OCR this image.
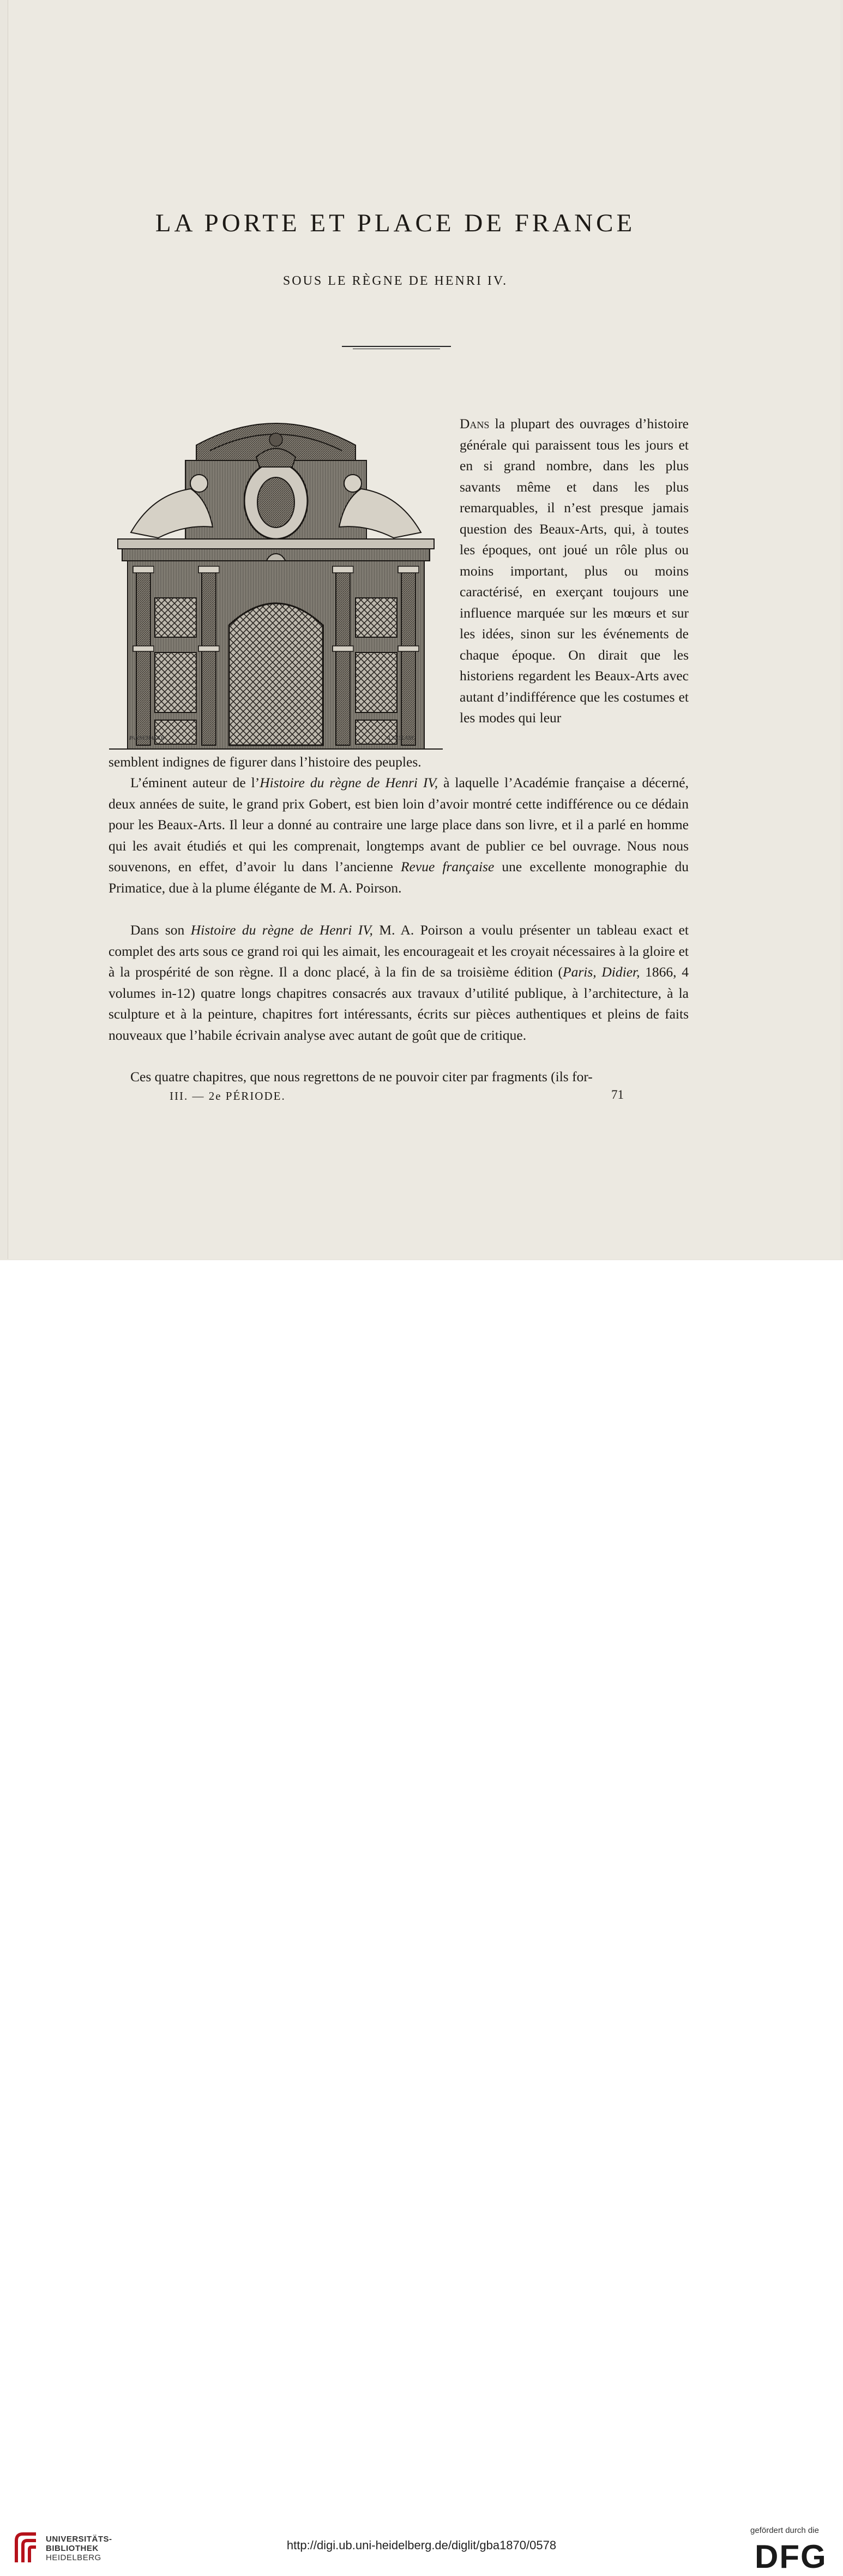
LA PORTE ET PLACE DE FRANCE
SOUS LE RÈGNE DE HENRI IV.
PANNEMAKER	A.LEBLANC
Dans la plupart des ouvrages d’histoire générale qui paraissent tous les jours et en si grand nombre, dans les plus savants même et dans les plus remarquables, il n’est presque jamais question des Beaux-Arts, qui, à toutes les époques, ont joué un rôle plus ou moins important, plus ou moins caractérisé, en exerçant toujours une influence marquée sur les mœurs et sur les idées, sinon sur les événements de chaque époque. On dirait que les historiens regardent les Beaux-Arts avec autant d’indifférence que les costumes et les modes qui leur
semblent indignes de figurer dans l’histoire des peuples.
L’éminent auteur de l’Histoire du règne de Henri IV, à laquelle l’Académie française a décerné, deux années de suite, le grand prix Gobert, est bien loin d’avoir montré cette indifférence ou ce dédain pour les Beaux-Arts. Il leur a donné au contraire une large place dans son livre, et il a parlé en homme qui les avait étudiés et qui les comprenait, longtemps avant de publier ce bel ouvrage. Nous nous souvenons, en effet, d’avoir lu dans l’ancienne Revue française une excellente monographie du Primatice, due à la plume élégante de M. A. Poirson.
Dans son Histoire du règne de Henri IV, M. A. Poirson a voulu présenter un tableau exact et complet des arts sous ce grand roi qui les aimait, les encourageait et les croyait nécessaires à la gloire et à la prospérité de son règne. Il a donc placé, à la fin de sa troisième édition (Paris, Didier, 1866, 4 volumes in-12) quatre longs chapitres consacrés aux travaux d’utilité publique, à l’architecture, à la sculpture et à la peinture, chapitres fort intéressants, écrits sur pièces authentiques et pleins de faits nouveaux que l’habile écrivain analyse avec autant de goût que de critique.
Ces quatre chapitres, que nous regrettons de ne pouvoir citer par fragments (ils for-
III. — 2e PÉRIODE.	71
UNIVERSITÄTS-
BIBLIOTHEK
HEIDELBERG
http://digi.ub.uni-heidelberg.de/diglit/gba1870/0578
gefördert durch die
DFG
